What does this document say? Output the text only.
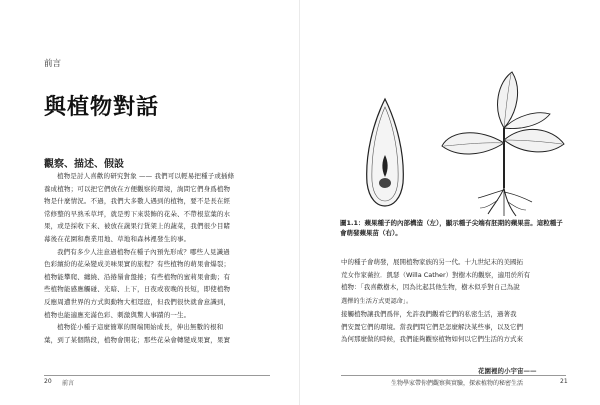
前言
與植物對話
觀察、描述、假設

植物是討人喜歡的研究對象 —— 我們可以輕易把種子或插條

養成植物；可以把它們放在方便觀察的環境，詢問它們身爲植物

物是什麼情況。不過，我們大多數人遇到的植物，要不是長在經

常修整的早熟禾草坪，就是剪下來裝飾的花朵、不帶根莖葉的水

果，或是採收下來、被放在蔬果行貨架上的蔬菜，我們很少目睹

幕後在花園和農業用地、草地和森林裡發生的事。

我們有多少人注意過植物在種子內預先形成？哪些人見識過

色彩繽紛的花朵變成美味果實的旅程？有些植物的萌果會爆裂；

植物能攀爬、纏繞、沿捲鬚會盤捲；有些植物的蜜莉果會動；有

些植物能感應觸碰、光暗、上下，日夜或夜晚的長短，即使植物

反應周遭世界的方式與動物大相逕庭，但我們很快就會意識到，

植物也能適應充滿色彩、刺激與驚人事蹟的一生。

植物從小種子這麼簡單的開端開始成長，伸出無數的根和

葉，到了某個階段，植物會開花；那些花朵會轉變成果實，果實

20 前言
圖1.1：蘋果種子的內部構造（左），顯示種子尖端有胚期的蘋果苗。這粒種子會萌發蘋果苗（右）。

中的種子會萌發，展開植物家族的另一代。十九世紀末的美國拓

荒女作家薇拉．凱瑟（Willa Cather）對樹木的觀察，適用於所有

植物：「我喜歡樹木，因為比起其他生物，樹木似乎對自己為說

選擇的生活方式更認命」。

接觸植物讓我們爲伴，允許我們觀看它們的私密生活，過著我

們安置它們的環境。當我們問它們是怎麼解決某些事，以及它們

為何那麼做的時候，我們能夠觀察植物如何以它們生活的方式來

花園裡的小宇宙——
生物學家帶你們觀察與實驗，探索植物的秘密生活	21
